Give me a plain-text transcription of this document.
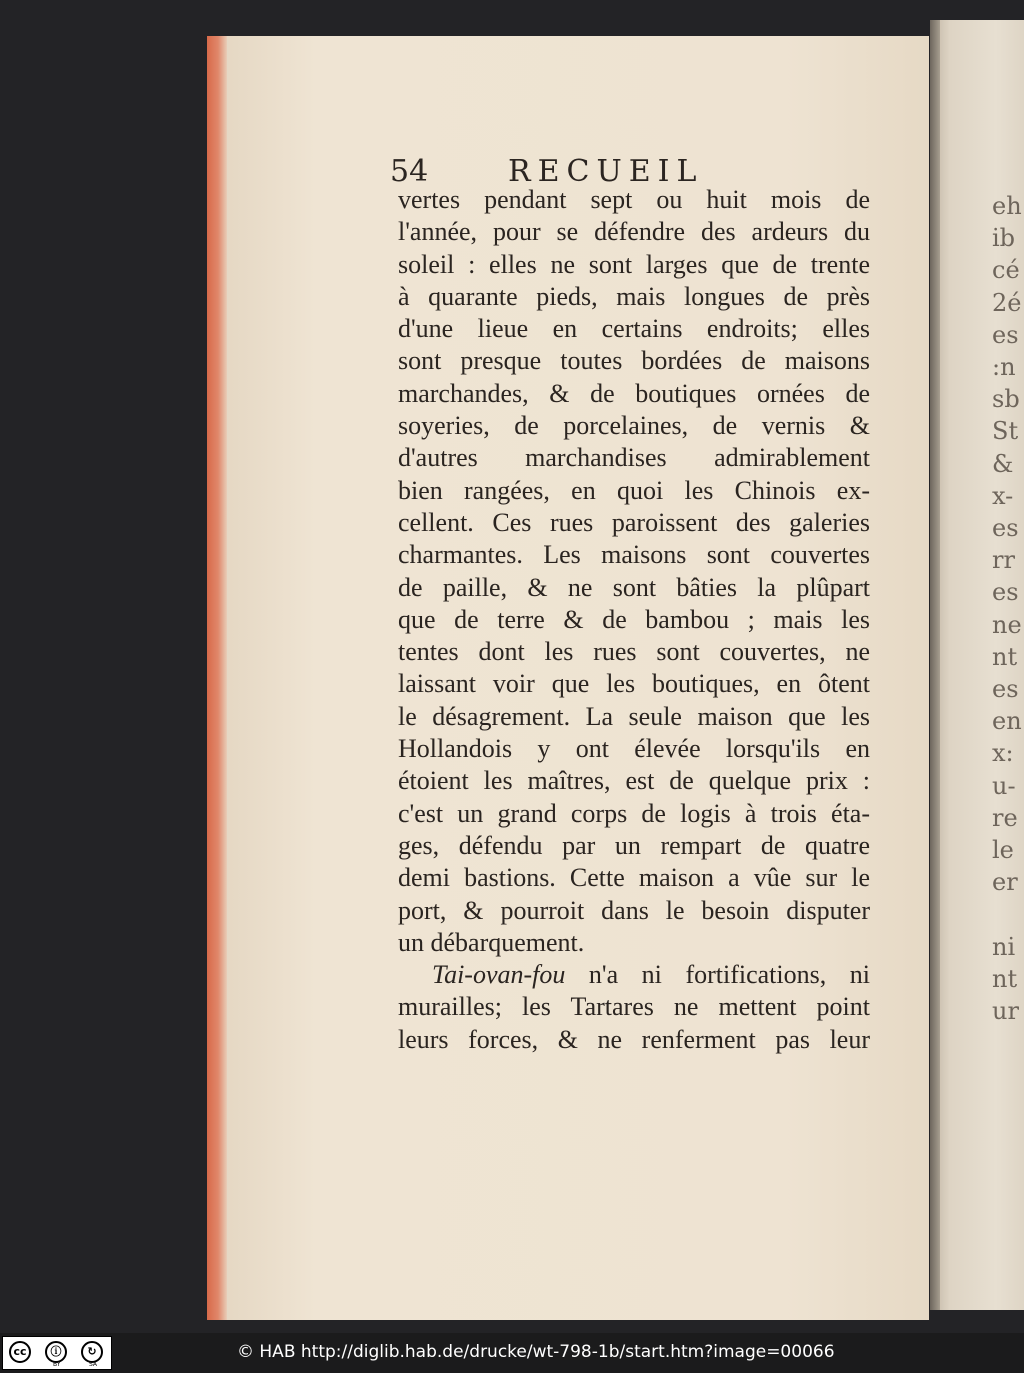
eh
ib
cé
2é
es
:n
sb
St
&
x-
es
rr
es
ne
nt
es
en
x:
u-
re
le
er

ni
nt
ur
54	RECUEIL
vertes pendant sept ou huit mois de
l'année, pour se défendre des ardeurs du
soleil : elles ne sont larges que de trente
à quarante pieds, mais longues de près
d'une lieue en certains endroits; elles
sont presque toutes bordées de maisons
marchandes, & de boutiques ornées de
soyeries, de porcelaines, de vernis &
d'autres marchandises admirablement
bien rangées, en quoi les Chinois ex-
cellent. Ces rues paroissent des galeries
charmantes. Les maisons sont couvertes
de paille, & ne sont bâties la plûpart
que de terre & de bambou ; mais les
tentes dont les rues sont couvertes, ne
laissant voir que les boutiques, en ôtent
le désagrement. La seule maison que les
Hollandois y ont élevée lorsqu'ils en
étoient les maîtres, est de quelque prix :
c'est un grand corps de logis à trois éta-
ges, défendu par un rempart de quatre
demi bastions. Cette maison a vûe sur le
port, & pourroit dans le besoin disputer
un débarquement.
Tai-ovan-fou n'a ni fortifications, ni
murailles; les Tartares ne mettent point
leurs forces, & ne renferment pas leur
cc	ⓘ	↻
BY	SA
© HAB http://diglib.hab.de/drucke/wt-798-1b/start.htm?image=00066
